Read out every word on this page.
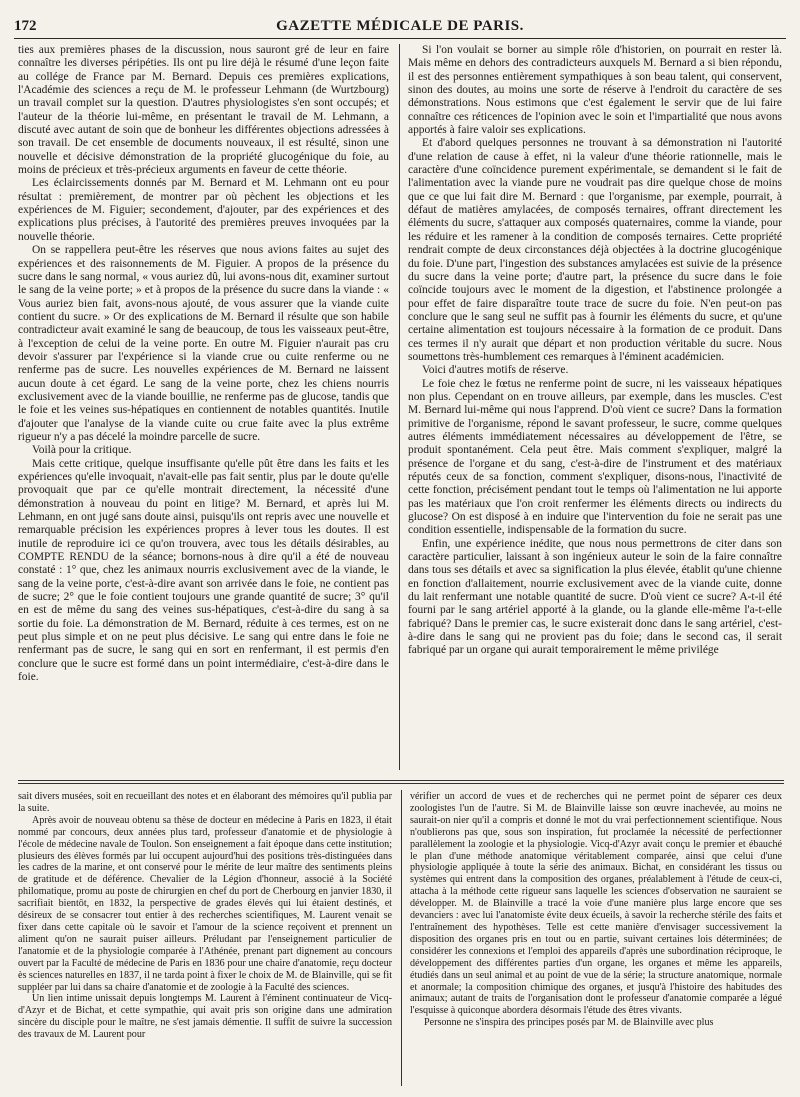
172	GAZETTE MÉDICALE DE PARIS.

ties aux premières phases de la discussion, nous sauront gré de leur en faire connaître les diverses péripéties. Ils ont pu lire déjà le résumé d'une leçon faite au collége de France par M. Bernard. Depuis ces premières explications, l'Académie des sciences a reçu de M. le professeur Lehmann (de Wurtzbourg) un travail complet sur la question. D'autres physiologistes s'en sont occupés; et l'auteur de la théorie lui-même, en présentant le travail de M. Lehmann, a discuté avec autant de soin que de bonheur les différentes objections adressées à son travail. De cet ensemble de documents nouveaux, il est résulté, sinon une nouvelle et décisive démonstration de la propriété glucogénique du foie, au moins de précieux et très-précieux arguments en faveur de cette théorie.

Les éclaircissements donnés par M. Bernard et M. Lehmann ont eu pour résultat : premièrement, de montrer par où pèchent les objections et les expériences de M. Figuier; secondement, d'ajouter, par des expériences et des explications plus précises, à l'autorité des premières preuves invoquées par la nouvelle théorie.

On se rappellera peut-être les réserves que nous avions faites au sujet des expériences et des raisonnements de M. Figuier. A propos de la présence du sucre dans le sang normal, « vous auriez dû, lui avons-nous dit, examiner surtout le sang de la veine porte; » et à propos de la présence du sucre dans la viande : « Vous auriez bien fait, avons-nous ajouté, de vous assurer que la viande cuite contient du sucre. » Or des explications de M. Bernard il résulte que son habile contradicteur avait examiné le sang de beaucoup, de tous les vaisseaux peut-être, à l'exception de celui de la veine porte. En outre M. Figuier n'aurait pas cru devoir s'assurer par l'expérience si la viande crue ou cuite renferme ou ne renferme pas de sucre. Les nouvelles expériences de M. Bernard ne laissent aucun doute à cet égard. Le sang de la veine porte, chez les chiens nourris exclusivement avec de la viande bouillie, ne renferme pas de glucose, tandis que le foie et les veines sus-hépatiques en contiennent de notables quantités. Inutile d'ajouter que l'analyse de la viande cuite ou crue faite avec la plus extrême rigueur n'y a pas décelé la moindre parcelle de sucre.

Voilà pour la critique.

Mais cette critique, quelque insuffisante qu'elle pût être dans les faits et les expériences qu'elle invoquait, n'avait-elle pas fait sentir, plus par le doute qu'elle provoquait que par ce qu'elle montrait directement, la nécessité d'une démonstration à nouveau du point en litige? M. Bernard, et après lui M. Lehmann, en ont jugé sans doute ainsi, puisqu'ils ont repris avec une nouvelle et remarquable précision les expériences propres à lever tous les doutes. Il est inutile de reproduire ici ce qu'on trouvera, avec tous les détails désirables, au COMPTE RENDU de la séance; bornons-nous à dire qu'il a été de nouveau constaté : 1° que, chez les animaux nourris exclusivement avec de la viande, le sang de la veine porte, c'est-à-dire avant son arrivée dans le foie, ne contient pas de sucre; 2° que le foie contient toujours une grande quantité de sucre; 3° qu'il en est de même du sang des veines sus-hépatiques, c'est-à-dire du sang à sa sortie du foie. La démonstration de M. Bernard, réduite à ces termes, est on ne peut plus simple et on ne peut plus décisive. Le sang qui entre dans le foie ne renfermant pas de sucre, le sang qui en sort en renfermant, il est permis d'en conclure que le sucre est formé dans un point intermédiaire, c'est-à-dire dans le foie.

Si l'on voulait se borner au simple rôle d'historien, on pourrait en rester là. Mais même en dehors des contradicteurs auxquels M. Bernard a si bien répondu, il est des personnes entièrement sympathiques à son beau talent, qui conservent, sinon des doutes, au moins une sorte de réserve à l'endroit du caractère de ses démonstrations. Nous estimons que c'est également le servir que de lui faire connaître ces réticences de l'opinion avec le soin et l'impartialité que nous avons apportés à faire valoir ses explications.

Et d'abord quelques personnes ne trouvant à sa démonstration ni l'autorité d'une relation de cause à effet, ni la valeur d'une théorie rationnelle, mais le caractère d'une coïncidence purement expérimentale, se demandent si le fait de l'alimentation avec la viande pure ne voudrait pas dire quelque chose de moins que ce que lui fait dire M. Bernard : que l'organisme, par exemple, pourrait, à défaut de matières amylacées, de composés ternaires, offrant directement les éléments du sucre, s'attaquer aux composés quaternaires, comme la viande, pour les réduire et les ramener à la condition de composés ternaires. Cette propriété rendrait compte de deux circonstances déjà objectées à la doctrine glucogénique du foie. D'une part, l'ingestion des substances amylacées est suivie de la présence du sucre dans la veine porte; d'autre part, la présence du sucre dans le foie coïncide toujours avec le moment de la digestion, et l'abstinence prolongée a pour effet de faire disparaître toute trace de sucre du foie. N'en peut-on pas conclure que le sang seul ne suffit pas à fournir les éléments du sucre, et qu'une certaine alimentation est toujours nécessaire à la formation de ce produit. Dans ces termes il n'y aurait que départ et non production véritable du sucre. Nous soumettons très-humblement ces remarques à l'éminent académicien.

Voici d'autres motifs de réserve.

Le foie chez le fœtus ne renferme point de sucre, ni les vaisseaux hépatiques non plus. Cependant on en trouve ailleurs, par exemple, dans les muscles. C'est M. Bernard lui-même qui nous l'apprend. D'où vient ce sucre? Dans la formation primitive de l'organisme, répond le savant professeur, le sucre, comme quelques autres éléments immédiatement nécessaires au développement de l'être, se produit spontanément. Cela peut être. Mais comment s'expliquer, malgré la présence de l'organe et du sang, c'est-à-dire de l'instrument et des matériaux réputés ceux de sa fonction, comment s'expliquer, disons-nous, l'inactivité de cette fonction, précisément pendant tout le temps où l'alimentation ne lui apporte pas les matériaux que l'on croit renfermer les éléments directs ou indirects du glucose? On est disposé à en induire que l'intervention du foie ne serait pas une condition essentielle, indispensable de la formation du sucre.

Enfin, une expérience inédite, que nous nous permettrons de citer dans son caractère particulier, laissant à son ingénieux auteur le soin de la faire connaître dans tous ses détails et avec sa signification la plus élevée, établit qu'une chienne en fonction d'allaitement, nourrie exclusivement avec de la viande cuite, donne du lait renfermant une notable quantité de sucre. D'où vient ce sucre? A-t-il été fourni par le sang artériel apporté à la glande, ou la glande elle-même l'a-t-elle fabriqué? Dans le premier cas, le sucre existerait donc dans le sang artériel, c'est-à-dire dans le sang qui ne provient pas du foie; dans le second cas, il serait fabriqué par un organe qui aurait temporairement le même privilége

sait divers musées, soit en recueillant des notes et en élaborant des mémoires qu'il publia par la suite.

Après avoir de nouveau obtenu sa thèse de docteur en médecine à Paris en 1823, il était nommé par concours, deux années plus tard, professeur d'anatomie et de physiologie à l'école de médecine navale de Toulon. Son enseignement a fait époque dans cette institution; plusieurs des élèves formés par lui occupent aujourd'hui des positions très-distinguées dans les cadres de la marine, et ont conservé pour le mérite de leur maître des sentiments pleins de gratitude et de déférence. Chevalier de la Légion d'honneur, associé à la Société philomatique, promu au poste de chirurgien en chef du port de Cherbourg en janvier 1830, il sacrifiait bientôt, en 1832, la perspective de grades élevés qui lui étaient destinés, et désireux de se consacrer tout entier à des recherches scientifiques, M. Laurent venait se fixer dans cette capitale où le savoir et l'amour de la science reçoivent et prennent un aliment qu'on ne saurait puiser ailleurs. Préludant par l'enseignement particulier de l'anatomie et de la physiologie comparée à l'Athénée, prenant part dignement au concours ouvert par la Faculté de médecine de Paris en 1836 pour une chaire d'anatomie, reçu docteur ès sciences naturelles en 1837, il ne tarda point à fixer le choix de M. de Blainville, qui se fit suppléer par lui dans sa chaire d'anatomie et de zoologie à la Faculté des sciences.

Un lien intime unissait depuis longtemps M. Laurent à l'éminent continuateur de Vicq-d'Azyr et de Bichat, et cette sympathie, qui avait pris son origine dans une admiration sincère du disciple pour le maître, ne s'est jamais démentie. Il suffit de suivre la succession des travaux de M. Laurent pour

vérifier un accord de vues et de recherches qui ne permet point de séparer ces deux zoologistes l'un de l'autre. Si M. de Blainville laisse son œuvre inachevée, au moins ne saurait-on nier qu'il a compris et donné le mot du vrai perfectionnement scientifique. Nous n'oublierons pas que, sous son inspiration, fut proclamée la nécessité de perfectionner parallèlement la zoologie et la physiologie. Vicq-d'Azyr avait conçu le premier et ébauché le plan d'une méthode anatomique véritablement comparée, ainsi que celui d'une physiologie appliquée à toute la série des animaux. Bichat, en considérant les tissus ou systèmes qui entrent dans la composition des organes, préalablement à l'étude de ceux-ci, attacha à la méthode cette rigueur sans laquelle les sciences d'observation ne sauraient se développer. M. de Blainville a tracé la voie d'une manière plus large encore que ses devanciers : avec lui l'anatomiste évite deux écueils, à savoir la recherche stérile des faits et l'entraînement des hypothèses. Telle est cette manière d'envisager successivement la disposition des organes pris en tout ou en partie, suivant certaines lois déterminées; de considérer les connexions et l'emploi des appareils d'après une subordination réciproque, le développement des différentes parties d'un organe, les organes et même les appareils, étudiés dans un seul animal et au point de vue de la série; la structure anatomique, normale et anormale; la composition chimique des organes, et jusqu'à l'histoire des habitudes des animaux; autant de traits de l'organisation dont le professeur d'anatomie comparée a légué l'esquisse à quiconque abordera désormais l'étude des êtres vivants.

Personne ne s'inspira des principes posés par M. de Blainville avec plus
